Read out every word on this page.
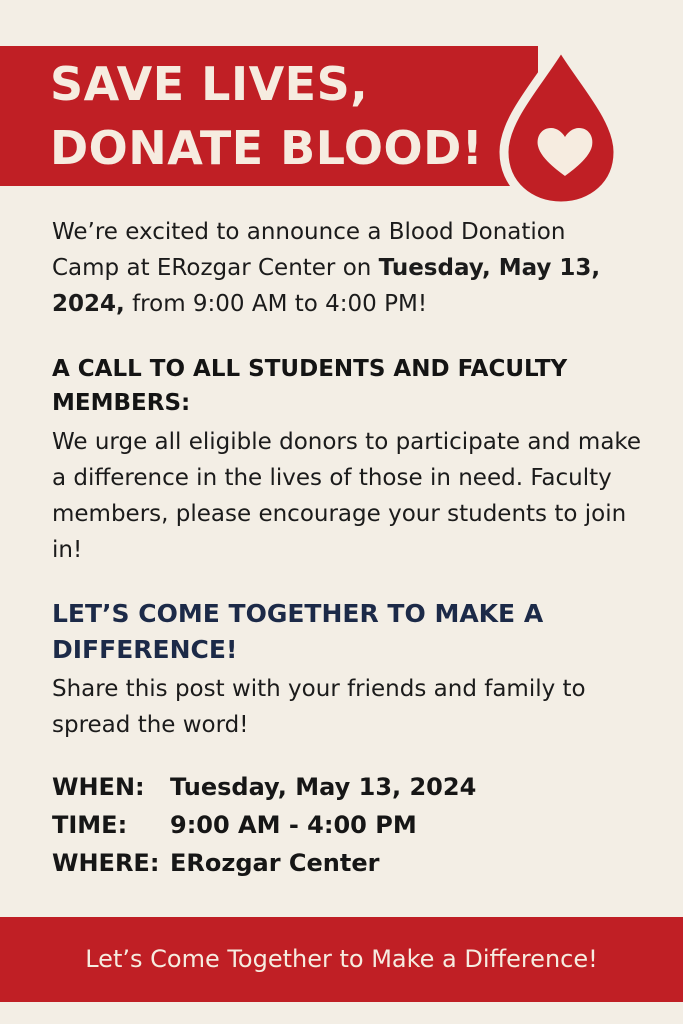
SAVE LIVES,
DONATE BLOOD!

We’re excited to announce a Blood Donation Camp at ERozgar Center on Tuesday, May 13, 2024, from 9:00 AM to 4:00 PM!

A CALL TO ALL STUDENTS AND FACULTY MEMBERS:

We urge all eligible donors to participate and make a difference in the lives of those in need. Faculty members, please encourage your students to join in!

LET’S COME TOGETHER TO MAKE A DIFFERENCE!

Share this post with your friends and family to spread the word!

WHEN:	Tuesday, May 13, 2024
TIME:	9:00 AM - 4:00 PM
WHERE: ERozgar Center
Let’s Come Together to Make a Difference!
